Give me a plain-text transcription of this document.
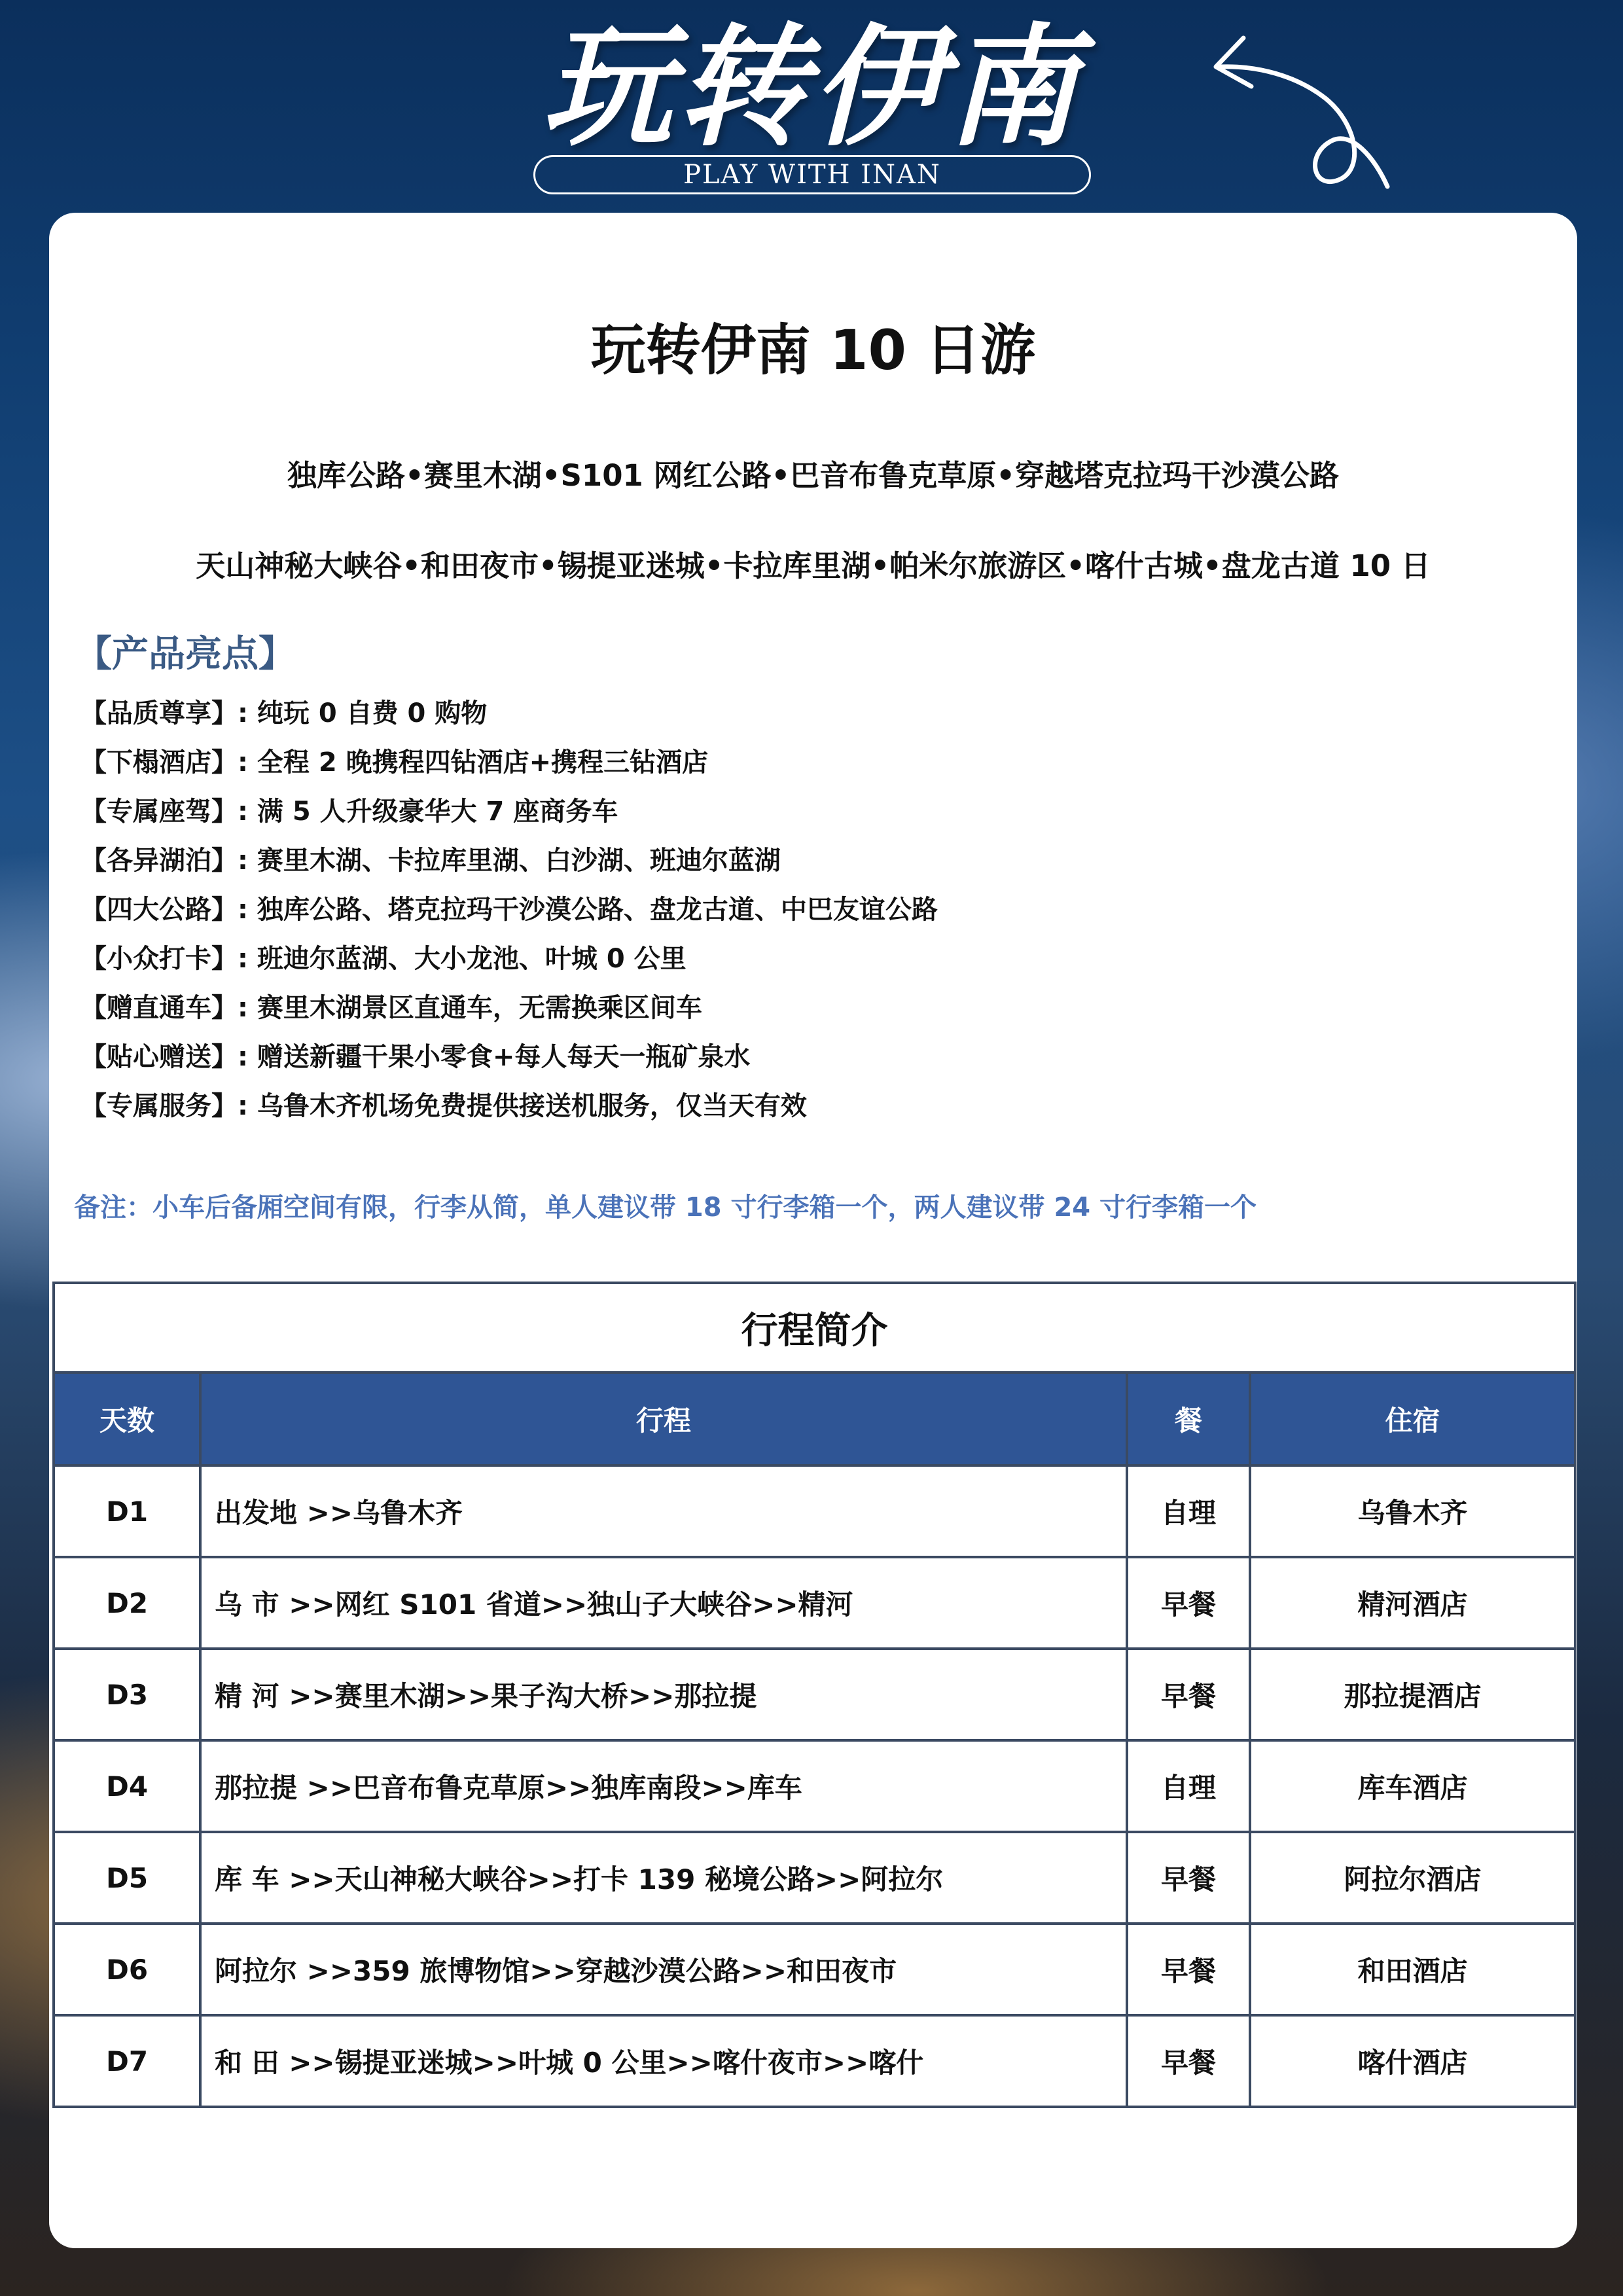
玩转伊南
PLAY WITH INAN
玩转伊南 10 日游
独库公路•赛里木湖•S101 网红公路•巴音布鲁克草原•穿越塔克拉玛干沙漠公路
天山神秘大峡谷•和田夜市•锡提亚迷城•卡拉库里湖•帕米尔旅游区•喀什古城•盘龙古道 10 日
【产品亮点】
【品质尊享】: 纯玩 0 自费 0 购物
【下榻酒店】: 全程 2 晚携程四钻酒店+携程三钻酒店
【专属座驾】: 满 5 人升级豪华大 7 座商务车
【各异湖泊】: 赛里木湖、卡拉库里湖、白沙湖、班迪尔蓝湖
【四大公路】: 独库公路、塔克拉玛干沙漠公路、盘龙古道、中巴友谊公路
【小众打卡】: 班迪尔蓝湖、大小龙池、叶城 0 公里
【赠直通车】: 赛里木湖景区直通车，无需换乘区间车
【贴心赠送】: 赠送新疆干果小零食+每人每天一瓶矿泉水
【专属服务】: 乌鲁木齐机场免费提供接送机服务，仅当天有效
备注：小车后备厢空间有限，行李从简，单人建议带 18 寸行李箱一个，两人建议带 24 寸行李箱一个
行程简介			
天数	行程	餐	住宿
D1	出发地 >>乌鲁木齐	自理	乌鲁木齐
D2	乌 市 >>网红 S101 省道>>独山子大峡谷>>精河	早餐	精河酒店
D3	精 河 >>赛里木湖>>果子沟大桥>>那拉提	早餐	那拉提酒店
D4	那拉提 >>巴音布鲁克草原>>独库南段>>库车	自理	库车酒店
D5	库 车 >>天山神秘大峡谷>>打卡 139 秘境公路>>阿拉尔	早餐	阿拉尔酒店
D6	阿拉尔 >>359 旅博物馆>>穿越沙漠公路>>和田夜市	早餐	和田酒店
D7	和 田 >>锡提亚迷城>>叶城 0 公里>>喀什夜市>>喀什	早餐	喀什酒店
